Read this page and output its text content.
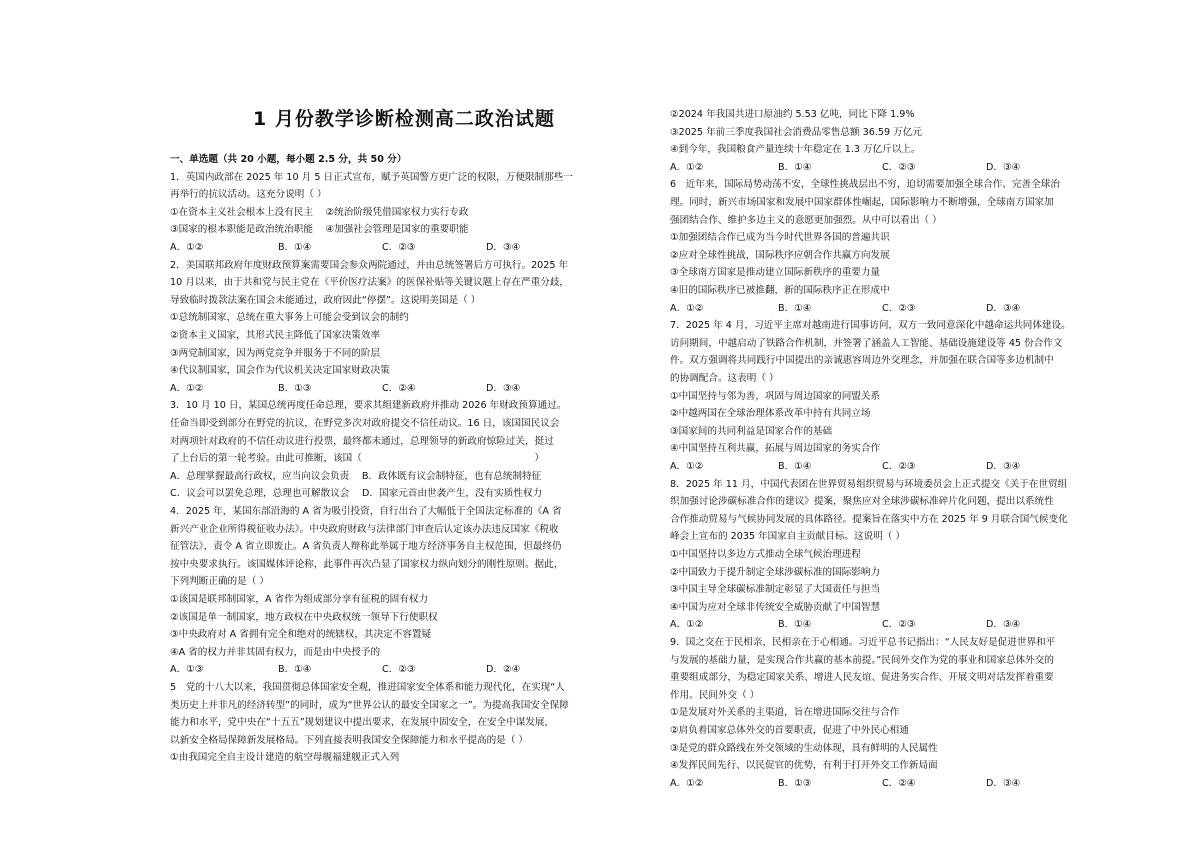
1 月份教学诊断检测高二政治试题
一、单选题（共 20 小题，每小题 2.5 分，共 50 分）
1．英国内政部在 2025 年 10 月 5 日正式宣布，赋予英国警方更广泛的权限，万便限制那些一
再举行的抗议活动。这充分说明（ ）
①在资本主义社会根本上没有民主　 ②统治阶级凭借国家权力实行专政
③国家的根本职能是政治统治职能　 ④加强社会管理是国家的重要职能
A．①②	B．①④	C．②③	D．③④
2．美国联邦政府年度财政预算案需要国会参众两院通过，并由总统签署后方可执行。2025 年
10 月以来，由于共和党与民主党在《平价医疗法案》的医保补贴等关键议题上存在严重分歧，
导致临时拨款法案在国会未能通过，政府因此“停摆”。这说明美国是（ ）
①总统制国家，总统在重大事务上可能会受到议会的制约
②资本主义国家，其形式民主降低了国家决策效率
③两党制国家，因为两党竞争并服务于不同的阶层
④代议制国家，国会作为代议机关决定国家财政决策
A．①②	B．①③	C．②④	D．③④
3．10 月 10 日，某国总统再度任命总理，要求其组建新政府并推动 2026 年财政预算通过。
任命当即受到部分在野党的抗议，在野党多次对政府提交不信任动议。16 日，该国国民议会
对两项针对政府的不信任动议进行投票，最终都未通过，总理领导的新政府惊险过关，挺过
了上台后的第一轮考验。由此可推断，该国（　　　　　　　　　　　　　　　　　　）
A．总理掌握最高行政权，应当向议会负责　 B．政体既有议会制特征，也有总统制特征
C．议会可以罢免总理，总理也可解散议会　 D．国家元首由世袭产生，没有实质性权力
4．2025 年，某国东部沿海的 A 省为吸引投资，自行出台了大幅低于全国法定标准的《A 省
新兴产业企业所得税征收办法》。中央政府财政与法律部门审查后认定该办法违反国家《税收
征管法》，责令 A 省立即废止。A 省负责人辩称此举属于地方经济事务自主权范围，但最终仍
按中央要求执行。该国媒体评论称，此事件再次凸显了国家权力纵向划分的刚性原则。据此，
下列判断正确的是（ ）
①该国是联邦制国家，A 省作为组成部分享有征税的固有权力
②该国是单一制国家，地方政权在中央政权统一领导下行使职权
③中央政府对 A 省拥有完全和绝对的统辖权，其决定不容置疑
④A 省的权力并非其固有权力，而是由中央授予的
A．①③	B．①④	C．②③	D．②④
5　党的十八大以来，我国贯彻总体国家安全观，推进国家安全体系和能力现代化，在实现“人
类历史上并非凡的经济转型”的同时，成为“世界公认的最安全国家之一”。为提高我国安全保障
能力和水平，党中央在“十五五”规划建议中提出要求，在发展中固安全，在安全中谋发展，
以新安全格局保障新发展格局。下列直接表明我国安全保障能力和水平提高的是（ ）
①由我国完全自主设计建造的航空母舰福建舰正式入列
②2024 年我国共进口原油约 5.53 亿吨，同比下降 1.9%
③2025 年前三季度我国社会消费品零售总额 36.59 万亿元
④到今年，我国粮食产量连续十年稳定在 1.3 万亿斤以上。
A．①②	B．①④	C．②③	D．③④
6　近年来，国际局势动荡不安，全球性挑战层出不穷，迫切需要加强全球合作、完善全球治
理。同时，新兴市场国家和发展中国家群体性崛起，国际影响力不断增强，全球南方国家加
强团结合作、维护多边主义的意愿更加强烈。从中可以看出（ ）
①加强团结合作已成为当今时代世界各国的普遍共识
②应对全球性挑战，国际秩序应朝合作共赢方向发展
③全球南方国家是推动建立国际新秩序的重要力量
④旧的国际秩序已被推翻，新的国际秩序正在形成中
A．①②	B．①④	C．②③	D．③④
7．2025 年 4 月，习近平主席对越南进行国事访问，双方一致同意深化中越命运共同体建设。
访问期间，中越启动了铁路合作机制，并签署了涵盖人工智能、基础设施建设等 45 份合作文
件。双方强调将共同践行中国提出的亲诚惠容周边外交理念，并加强在联合国等多边机制中
的协调配合。这表明（ ）
①中国坚持与邻为善，巩固与周边国家的同盟关系
②中越两国在全球治理体系改革中持有共同立场
③国家间的共同利益是国家合作的基础
④中国坚持互利共赢，拓展与周边国家的务实合作
A．①②	B．①④	C．②③	D．③④
8．2025 年 11 月，中国代表团在世界贸易组织贸易与环境委员会上正式提交《关于在世贸组
织加强讨论涉碳标准合作的建议》提案，聚焦应对全球涉碳标准碎片化问题，提出以系统性
合作推动贸易与气候协同发展的具体路径。提案旨在落实中方在 2025 年 9 月联合国气候变化
峰会上宣布的 2035 年国家自主贡献目标。这说明（ ）
①中国坚持以多边方式推动全球气候治理进程
②中国致力于提升制定全球涉碳标准的国际影响力
③中国主导全球碳标准制定彰显了大国责任与担当
④中国为应对全球非传统安全威胁贡献了中国智慧
A．①②	B．①④	C．②③	D．③④
9．国之交在于民相亲，民相亲在于心相通。习近平总书记指出：“人民友好是促进世界和平
与发展的基础力量，是实现合作共赢的基本前提。”民间外交作为党的事业和国家总体外交的
重要组成部分，为稳定国家关系、增进人民友谊、促进务实合作、开展文明对话发挥着重要
作用。民间外交（ ）
①是发展对外关系的主渠道，旨在增进国际交往与合作
②肩负着国家总体外交的首要职责，促进了中外民心相通
③是党的群众路线在外交领域的生动体现，具有鲜明的人民属性
④发挥民间先行、以民促官的优势，有利于打开外交工作新局面
A．①②	B．①③	C．②④	D．③④
